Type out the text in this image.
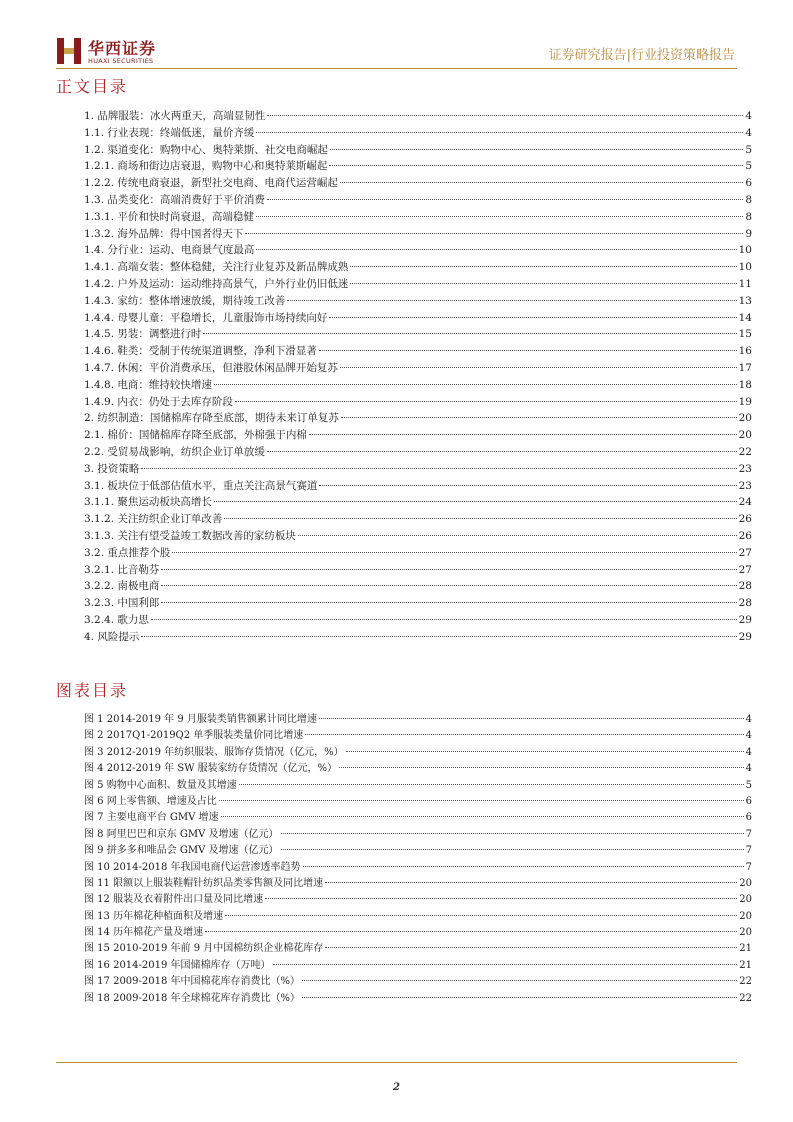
华西证券
HUAXI SECURITIES	证券研究报告|行业投资策略报告
正文目录
1. 品牌服装：冰火两重天，高端显韧性	4
1.1. 行业表现：终端低迷，量价齐缓	4
1.2. 渠道变化：购物中心、奥特莱斯、社交电商崛起	5
1.2.1. 商场和街边店衰退，购物中心和奥特莱斯崛起	5
1.2.2. 传统电商衰退，新型社交电商、电商代运营崛起	6
1.3. 品类变化：高端消费好于平价消费	8
1.3.1. 平价和快时尚衰退，高端稳健	8
1.3.2. 海外品牌：得中国者得天下	9
1.4. 分行业：运动、电商景气度最高	10
1.4.1. 高端女装：整体稳健，关注行业复苏及新品牌成熟	10
1.4.2. 户外及运动：运动维持高景气，户外行业仍旧低迷	11
1.4.3. 家纺：整体增速放缓，期待竣工改善	13
1.4.4. 母婴儿童：平稳增长，儿童服饰市场持续向好	14
1.4.5. 男装：调整进行时	15
1.4.6. 鞋类：受制于传统渠道调整，净利下滑显著	16
1.4.7. 休闲：平价消费承压，但港股休闲品牌开始复苏	17
1.4.8. 电商：维持较快增速	18
1.4.9. 内衣：仍处于去库存阶段	19
2. 纺织制造：国储棉库存降至底部，期待未来订单复苏	20
2.1. 棉价：国储棉库存降至底部，外棉强于内棉	20
2.2. 受贸易战影响，纺织企业订单放缓	22
3. 投资策略	23
3.1. 板块位于低部估值水平，重点关注高景气赛道	23
3.1.1. 聚焦运动板块高增长	24
3.1.2. 关注纺织企业订单改善	26
3.1.3. 关注有望受益竣工数据改善的家纺板块	26
3.2. 重点推荐个股	27
3.2.1. 比音勒芬	27
3.2.2. 南极电商	28
3.2.3. 中国利郎	28
3.2.4. 歌力思	29
4. 风险提示	29
图表目录
图 1 2014-2019 年 9 月服装类销售额累计同比增速	4
图 2 2017Q1-2019Q2 单季服装类量价同比增速	4
图 3 2012-2019 年纺织服装、服饰存货情况（亿元，%）	4
图 4 2012-2019 年 SW 服装家纺存货情况（亿元，%）	4
图 5 购物中心面积、数量及其增速	5
图 6 网上零售额、增速及占比	6
图 7 主要电商平台 GMV 增速	6
图 8 阿里巴巴和京东 GMV 及增速（亿元）	7
图 9 拼多多和唯品会 GMV 及增速（亿元）	7
图 10 2014-2018 年我国电商代运营渗透率趋势	7
图 11 限额以上服装鞋帽针纺织品类零售额及同比增速	20
图 12 服装及衣着附件出口量及同比增速	20
图 13 历年棉花种植面积及增速	20
图 14 历年棉花产量及增速	20
图 15 2010-2019 年前 9 月中国棉纺织企业棉花库存	21
图 16 2014-2019 年国储棉库存（万吨）	21
图 17 2009-2018 年中国棉花库存消费比（%）	22
图 18 2009-2018 年全球棉花库存消费比（%）	22
2
